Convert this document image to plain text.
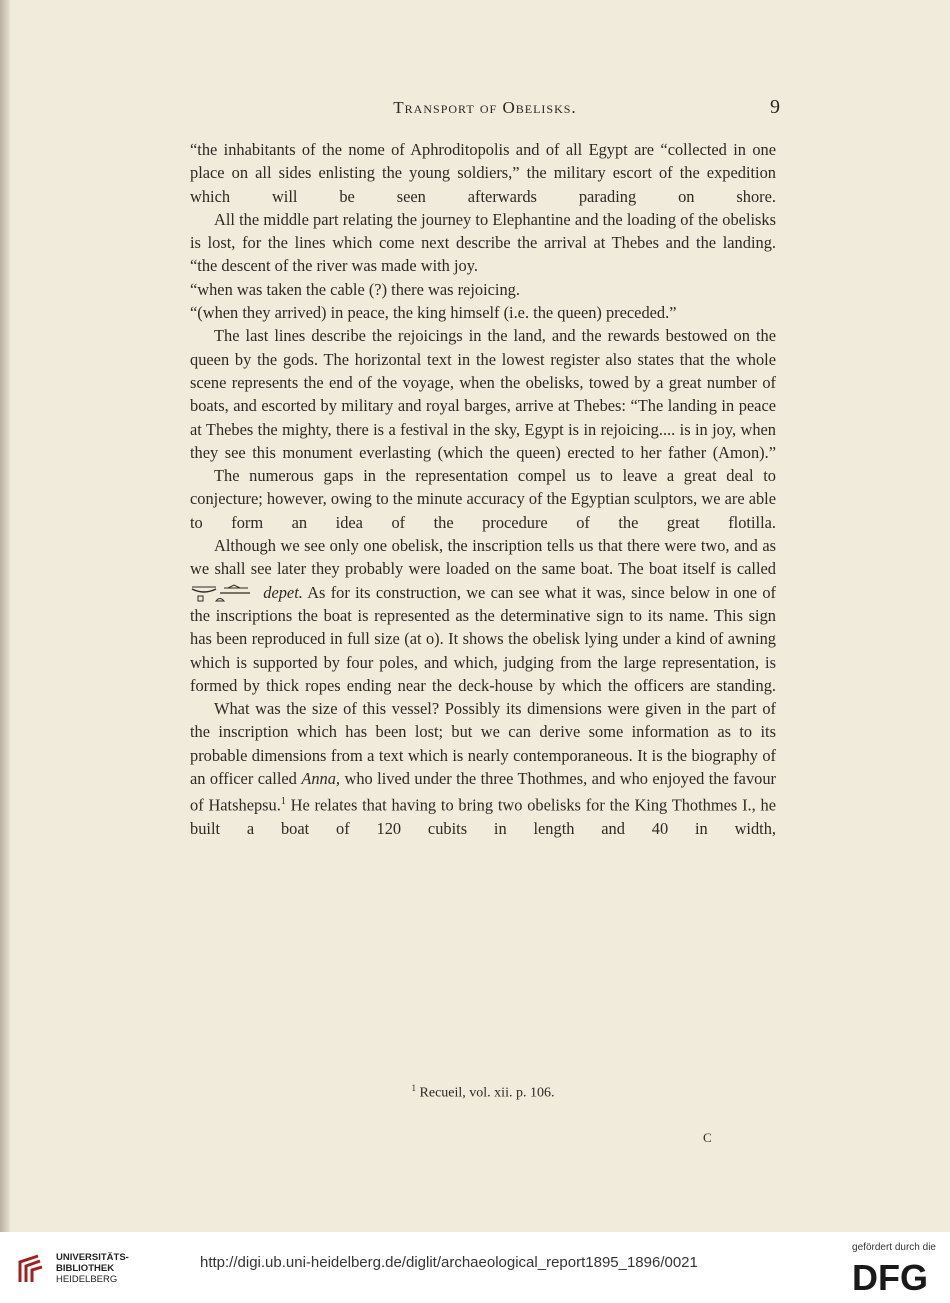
Transport of Obelisks.	9

“the inhabitants of the nome of Aphroditopolis and of all Egypt are “collected in one place on all sides enlisting the young soldiers,” the military escort of the expedition which will be seen afterwards parading on shore.

All the middle part relating the journey to Elephantine and the loading of the obelisks is lost, for the lines which come next describe the arrival at Thebes and the landing.

“the descent of the river was made with joy.

“when was taken the cable (?) there was rejoicing.

“(when they arrived) in peace, the king himself (i.e. the queen) preceded.”

The last lines describe the rejoicings in the land, and the rewards bestowed on the queen by the gods. The horizontal text in the lowest register also states that the whole scene represents the end of the voyage, when the obelisks, towed by a great number of boats, and escorted by military and royal barges, arrive at Thebes: “The landing in peace at Thebes the mighty, there is a festival in the sky, Egypt is in rejoicing.... is in joy, when they see this monument everlasting (which the queen) erected to her father (Amon).”

The numerous gaps in the representation compel us to leave a great deal to conjecture; however, owing to the minute accuracy of the Egyptian sculptors, we are able to form an idea of the procedure of the great flotilla.

Although we see only one obelisk, the inscription tells us that there were two, and as we shall see later they probably were loaded on the same boat. The boat itself is called  depet. As for its construction, we can see what it was, since below in one of the inscriptions the boat is represented as the determinative sign to its name. This sign has been reproduced in full size (at o). It shows the obelisk lying under a kind of awning which is supported by four poles, and which, judging from the large representation, is formed by thick ropes ending near the deck-house by which the officers are standing.

What was the size of this vessel? Possibly its dimensions were given in the part of the inscription which has been lost; but we can derive some information as to its probable dimensions from a text which is nearly contemporaneous. It is the biography of an officer called Anna, who lived under the three Thothmes, and who enjoyed the favour of Hatshepsu.$^1$ He relates that having to bring two obelisks for the King Thothmes I., he built a boat of 120 cubits in length and 40 in width,

$^1$ Recueil, vol. xii. p. 106.
C
UNIVERSITÄTS-
BIBLIOTHEK
HEIDELBERG
http://digi.ub.uni-heidelberg.de/diglit/archaeological_report1895_1896/0021
gefördert durch die
DFG
